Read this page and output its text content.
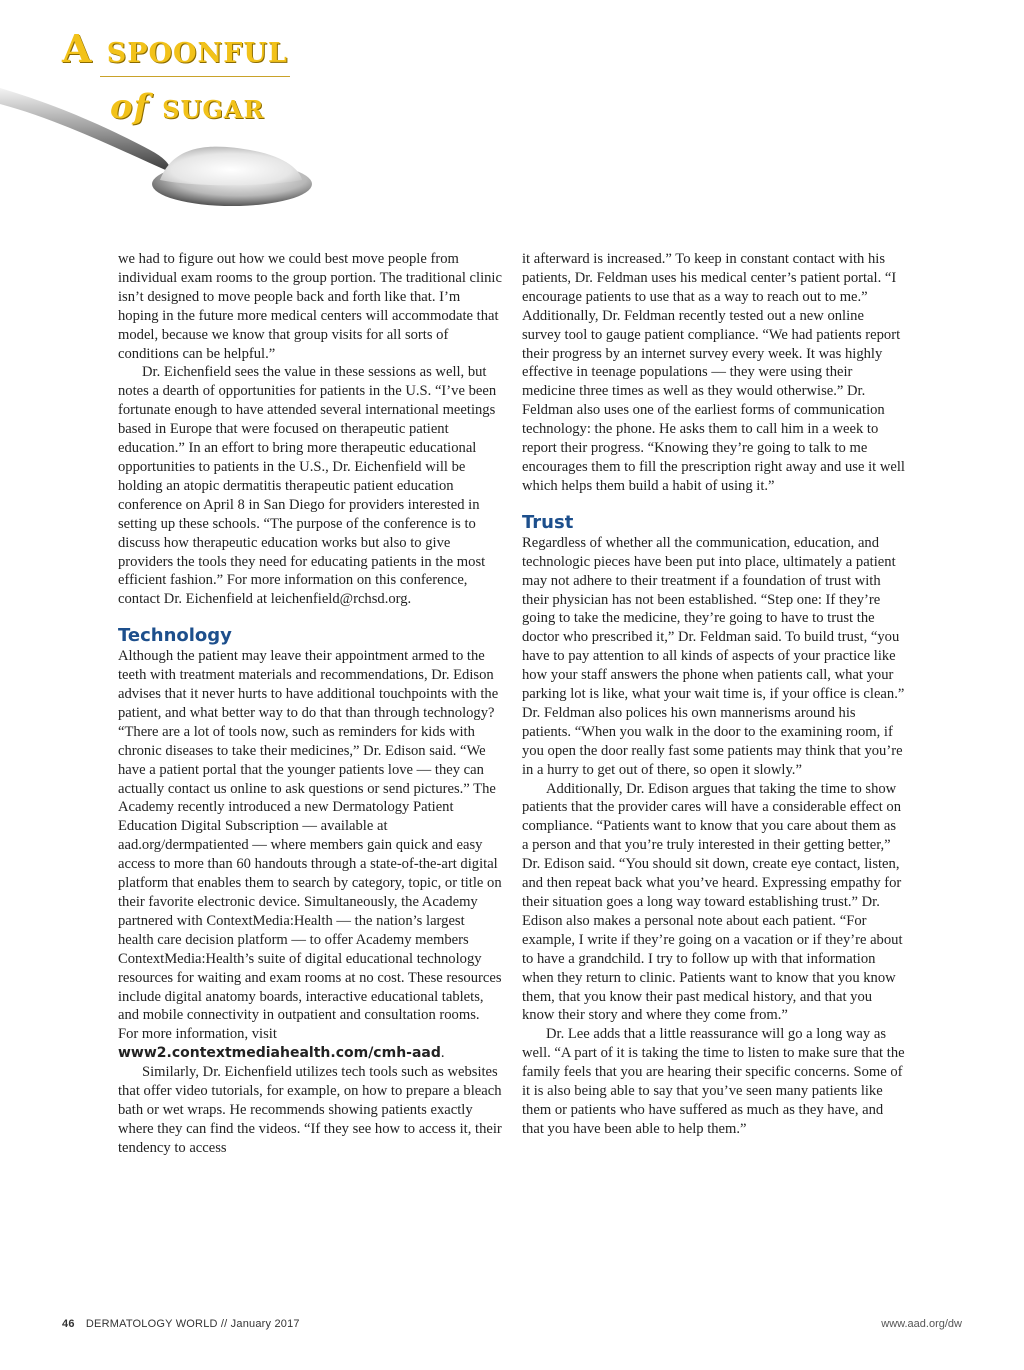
A spoonful
of sugar

we had to figure out how we could best move people from individual exam rooms to the group portion. The traditional clinic isn’t designed to move people back and forth like that. I’m hoping in the future more medical centers will accommodate that model, because we know that group visits for all sorts of conditions can be helpful.”

Dr. Eichenfield sees the value in these sessions as well, but notes a dearth of opportunities for patients in the U.S. “I’ve been fortunate enough to have attended several international meetings based in Europe that were focused on therapeutic patient education.” In an effort to bring more therapeutic educational opportunities to patients in the U.S., Dr. Eichenfield will be holding an atopic dermatitis therapeutic patient education conference on April 8 in San Diego for providers interested in setting up these schools. “The purpose of the conference is to discuss how therapeutic education works but also to give providers the tools they need for educating patients in the most efficient fashion.” For more information on this conference, contact Dr. Eichenfield at leichenfield@rchsd.org.

Technology

Although the patient may leave their appointment armed to the teeth with treatment materials and recommendations, Dr. Edison advises that it never hurts to have additional touchpoints with the patient, and what better way to do that than through technology? “There are a lot of tools now, such as reminders for kids with chronic diseases to take their medicines,” Dr. Edison said. “We have a patient portal that the younger patients love — they can actually contact us online to ask questions or send pictures.” The Academy recently introduced a new Dermatology Patient Education Digital Subscription — available at aad.org/dermpatiented — where members gain quick and easy access to more than 60 handouts through a state-of-the-art digital platform that enables them to search by category, topic, or title on their favorite electronic device. Simultaneously, the Academy partnered with ContextMedia:Health — the nation’s largest health care decision platform — to offer Academy members ContextMedia:Health’s suite of digital educational technology resources for waiting and exam rooms at no cost. These resources include digital anatomy boards, interactive educational tablets, and mobile connectivity in outpatient and consultation rooms. For more information, visit www2.contextmediahealth.com/cmh-aad.

Similarly, Dr. Eichenfield utilizes tech tools such as websites that offer video tutorials, for example, on how to prepare a bleach bath or wet wraps. He recommends showing patients exactly where they can find the videos. “If they see how to access it, their tendency to access

it afterward is increased.” To keep in constant contact with his patients, Dr. Feldman uses his medical center’s patient portal. “I encourage patients to use that as a way to reach out to me.” Additionally, Dr. Feldman recently tested out a new online survey tool to gauge patient compliance. “We had patients report their progress by an internet survey every week. It was highly effective in teenage populations — they were using their medicine three times as well as they would otherwise.” Dr. Feldman also uses one of the earliest forms of communication technology: the phone. He asks them to call him in a week to report their progress. “Knowing they’re going to talk to me encourages them to fill the prescription right away and use it well which helps them build a habit of using it.”

Trust

Regardless of whether all the communication, education, and technologic pieces have been put into place, ultimately a patient may not adhere to their treatment if a foundation of trust with their physician has not been established. “Step one: If they’re going to take the medicine, they’re going to have to trust the doctor who prescribed it,” Dr. Feldman said. To build trust, “you have to pay attention to all kinds of aspects of your practice like how your staff answers the phone when patients call, what your parking lot is like, what your wait time is, if your office is clean.” Dr. Feldman also polices his own mannerisms around his patients. “When you walk in the door to the examining room, if you open the door really fast some patients may think that you’re in a hurry to get out of there, so open it slowly.”

Additionally, Dr. Edison argues that taking the time to show patients that the provider cares will have a considerable effect on compliance. “Patients want to know that you care about them as a person and that you’re truly interested in their getting better,” Dr. Edison said. “You should sit down, create eye contact, listen, and then repeat back what you’ve heard. Expressing empathy for their situation goes a long way toward establishing trust.” Dr. Edison also makes a personal note about each patient. “For example, I write if they’re going on a vacation or if they’re about to have a grandchild. I try to follow up with that information when they return to clinic. Patients want to know that you know them, that you know their past medical history, and that you know their story and where they come from.”

Dr. Lee adds that a little reassurance will go a long way as well. “A part of it is taking the time to listen to make sure that the family feels that you are hearing their specific concerns. Some of it is also being able to say that you’ve seen many patients like them or patients who have suffered as much as they have, and that you have been able to help them.”

46 DERMATOLOGY WORLD // January 2017	www.aad.org/dw
